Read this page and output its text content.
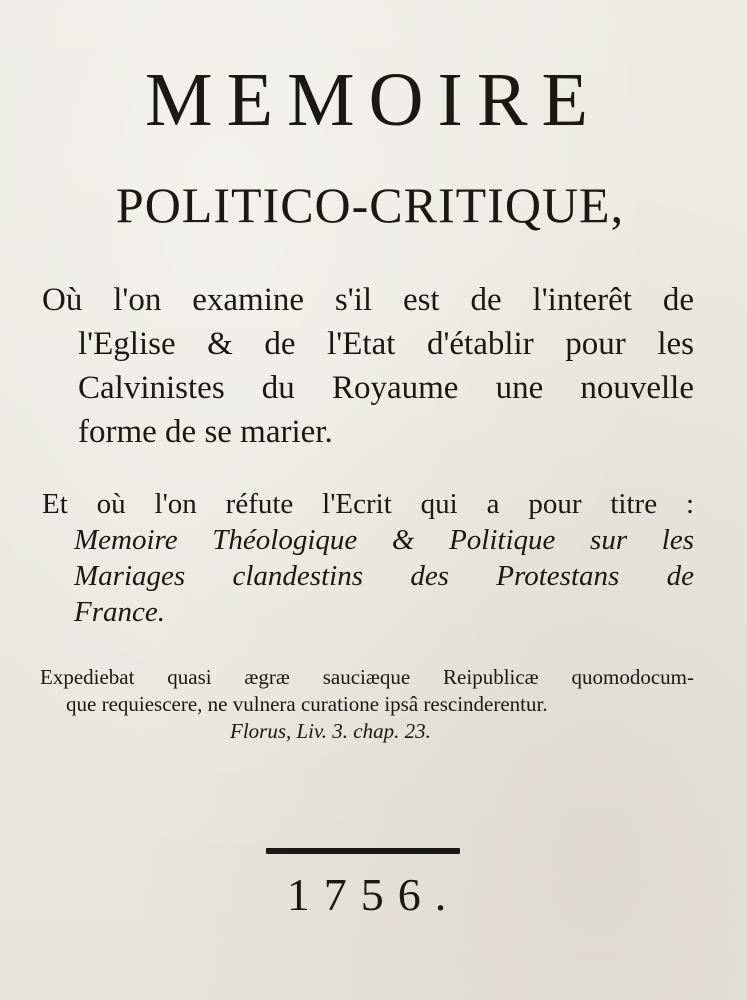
MEMOIRE
POLITICO-CRITIQUE,
Où l'on examine s'il est de l'interêt de
l'Eglise & de l'Etat d'établir pour les
Calvinistes du Royaume une nouvelle
forme de se marier.
Et où l'on réfute l'Ecrit qui a pour titre :
Memoire Théologique & Politique sur les
Mariages clandestins des Protestans de
France.
Expediebat quasi ægræ sauciæque Reipublicæ quomodocum-
que requiescere, ne vulnera curatione ipsâ rescinderentur.
Florus, Liv. 3. chap. 23.
1756.
